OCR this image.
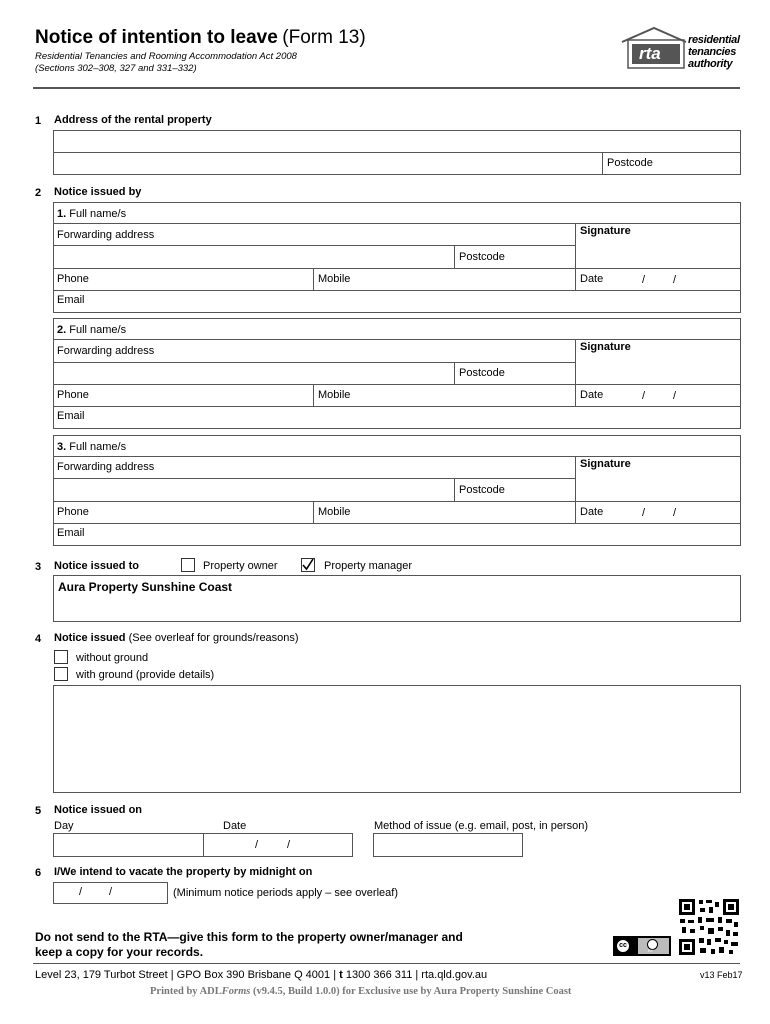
Notice of intention to leave (Form 13)
Residential Tenancies and Rooming Accommodation Act 2008
(Sections 302–308, 327 and 331–332)
rta
residential
tenancies
authority
1 Address of the rental property
Postcode
2 Notice issued by
1. Full name/s
Forwarding address	Signature
Postcode
Phone	Mobile	Date	/	/
Email
2. Full name/s
Forwarding address	Signature
Postcode
Phone	Mobile	Date	/	/
Email
3. Full name/s
Forwarding address	Signature
Postcode
Phone	Mobile	Date	/	/
Email
3 Notice issued to	Property owner	Property manager
Aura Property Sunshine Coast
4 Notice issued (See overleaf for grounds/reasons)
without ground
with ground (provide details)
5 Notice issued on
Day	Date	Method of issue (e.g. email, post, in person)
/	/
6 I/We intend to vacate the property by midnight on
/ /	(Minimum notice periods apply – see overleaf)
Do not send to the RTA—give this form to the property owner/manager and
keep a copy for your records.	cc
BY
Level 23, 179 Turbot Street | GPO Box 390 Brisbane Q 4001 | t 1300 366 311 | rta.qld.gov.au	v13 Feb17
Printed by ADLForms (v9.4.5, Build 1.0.0) for Exclusive use by Aura Property Sunshine Coast
